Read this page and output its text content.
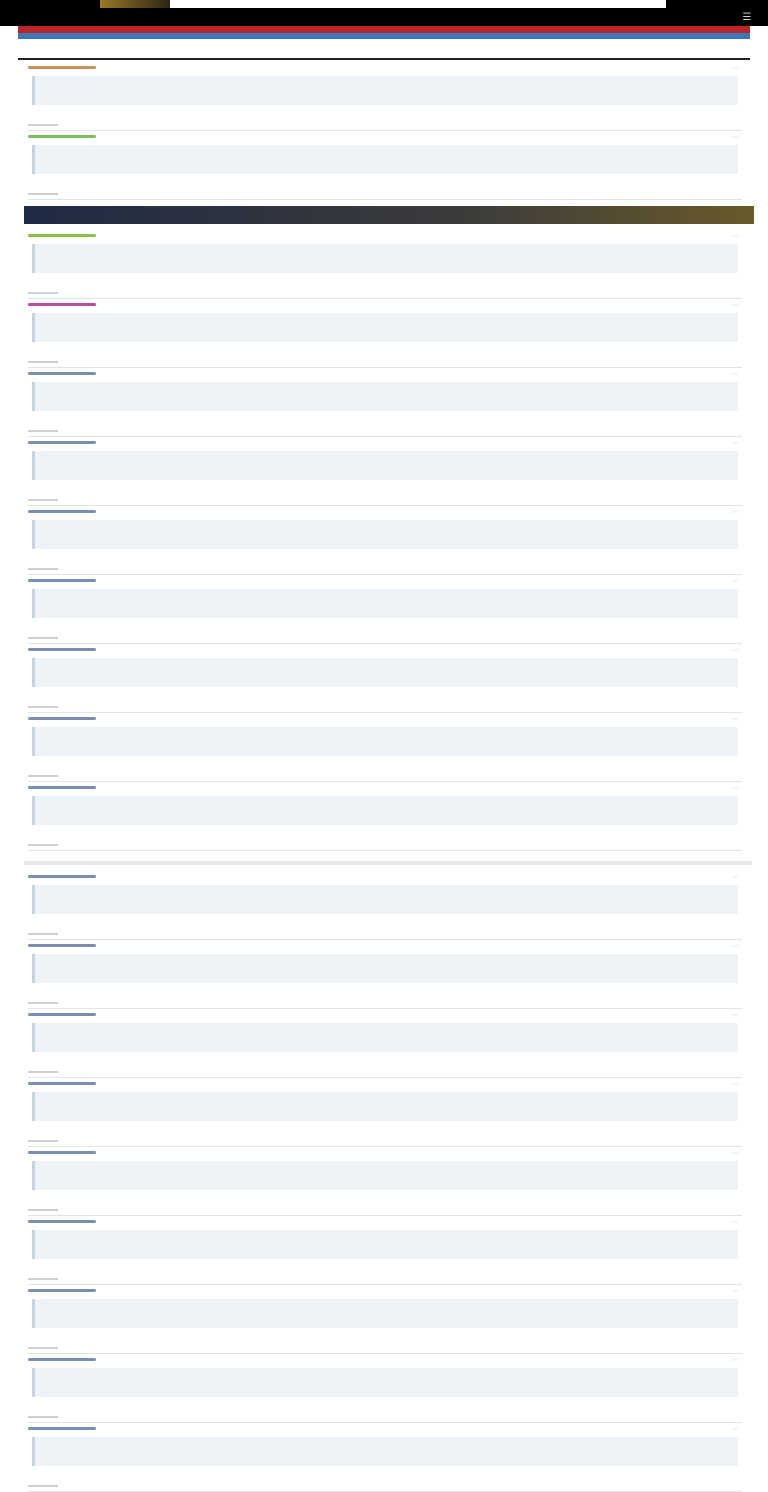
☰
⋯
⋯
⋯
⋯
⋯
⋯
⋯
⋯
⋯
⋯
⋯
⋯
⋯
⋯
⋯
⋯
⋯
⋯
⋯
⋯
